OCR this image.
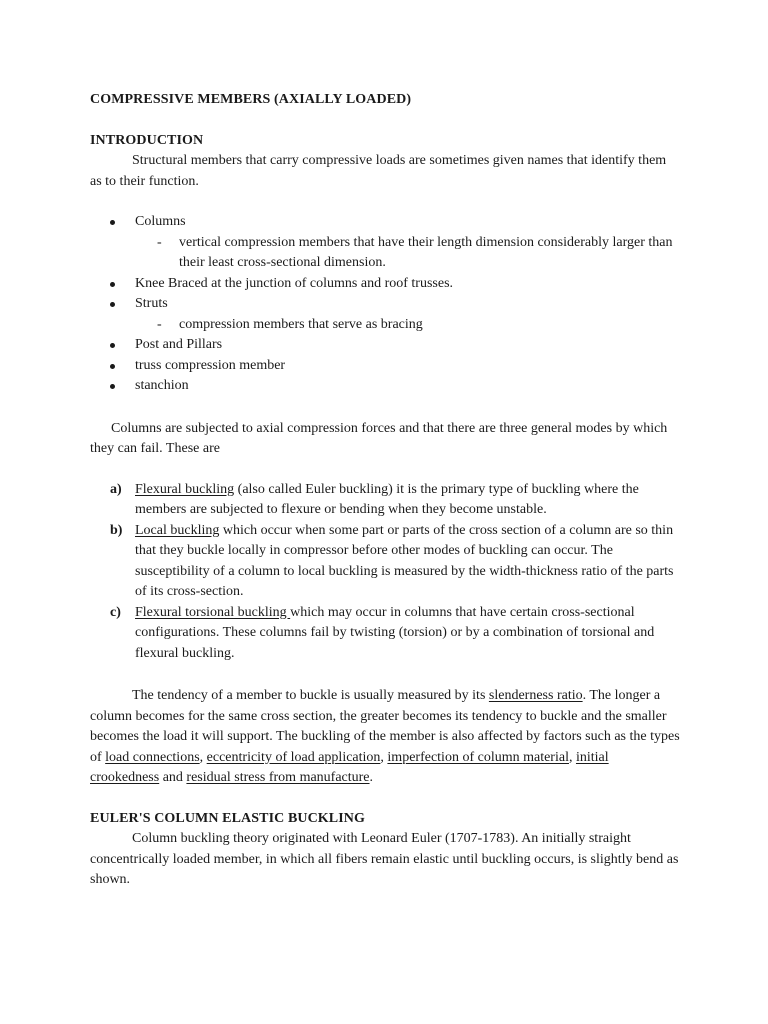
COMPRESSIVE MEMBERS (AXIALLY LOADED)

INTRODUCTION

Structural members that carry compressive loads are sometimes given names that identify them as to their function.

Columns
- vertical compression members that have their length dimension considerably larger than their least cross-sectional dimension.
Knee Braced at the junction of columns and roof trusses.
Struts
- compression members that serve as bracing
Post and Pillars
truss compression member
stanchion

Columns are subjected to axial compression forces and that there are three general modes by which they can fail. These are

a) Flexural buckling (also called Euler buckling) it is the primary type of buckling where the members are subjected to flexure or bending when they become unstable.
b) Local buckling which occur when some part or parts of the cross section of a column are so thin that they buckle locally in compressor before other modes of buckling can occur. The susceptibility of a column to local buckling is measured by the width-thickness ratio of the parts of its cross-section.
c) Flexural torsional buckling which may occur in columns that have certain cross-sectional configurations. These columns fail by twisting (torsion) or by a combination of torsional and flexural buckling.

The tendency of a member to buckle is usually measured by its slenderness ratio. The longer a column becomes for the same cross section, the greater becomes its tendency to buckle and the smaller becomes the load it will support. The buckling of the member is also affected by factors such as the types of load connections, eccentricity of load application, imperfection of column material, initial crookedness and residual stress from manufacture.

EULER'S COLUMN ELASTIC BUCKLING

Column buckling theory originated with Leonard Euler (1707-1783). An initially straight concentrically loaded member, in which all fibers remain elastic until buckling occurs, is slightly bend as shown.
